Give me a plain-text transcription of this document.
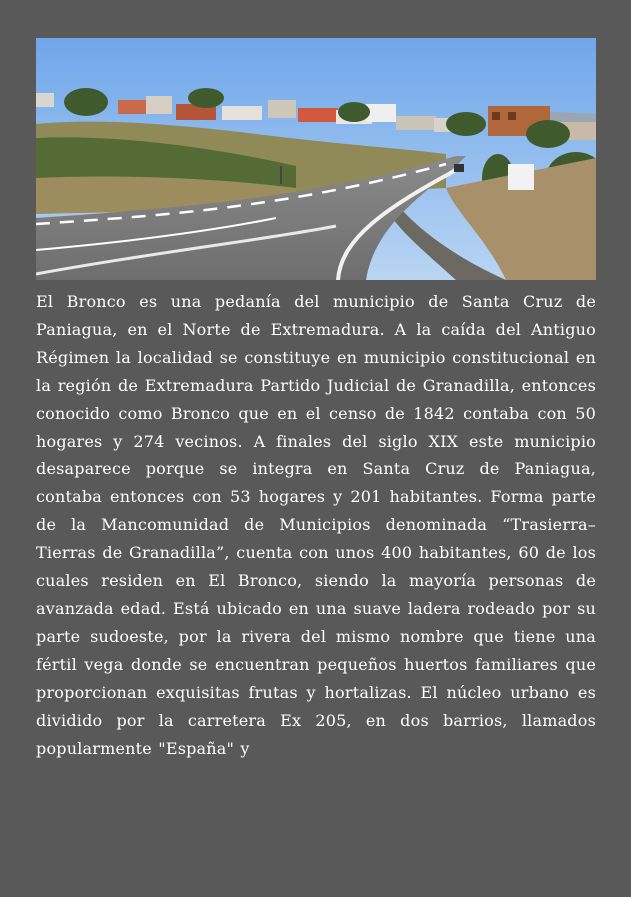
El Bronco es una pedanía del municipio de Santa Cruz de Paniagua, en el Norte de Extremadura. A la caída del Antiguo Régimen la localidad se constituye en municipio constitucional en la región de Extremadura Partido Judicial de Granadilla, entonces conocido como Bronco que en el censo de 1842 contaba con 50 hogares y 274 vecinos. A finales del siglo XIX este municipio desaparece porque se integra en Santa Cruz de Paniagua, contaba entonces con 53 hogares y 201 habitantes. Forma parte de la Mancomunidad de Municipios denominada “Trasierra–Tierras de Granadilla”, cuenta con unos 400 habitantes, 60 de los cuales residen en El Bronco, siendo la mayoría personas de avanzada edad. Está ubicado en una suave ladera rodeado por su parte sudoeste, por la rivera del mismo nombre que tiene una fértil vega donde se encuentran pequeños huertos familiares que proporcionan exquisitas frutas y hortalizas. El núcleo urbano es dividido por la carretera Ex 205, en dos barrios, llamados popularmente "España" y
